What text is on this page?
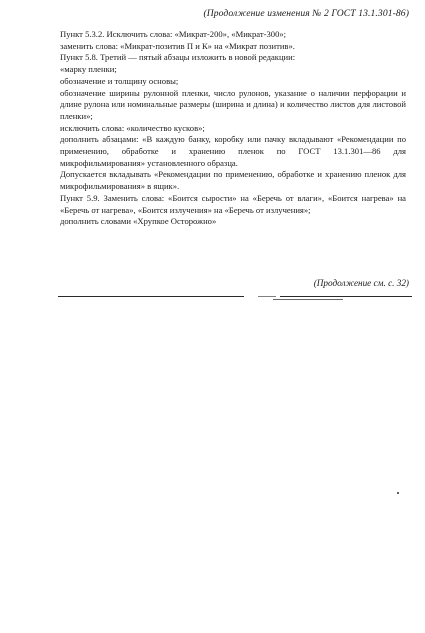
(Продолжение изменения № 2 ГОСТ 13.1.301-86)

Пункт 5.3.2. Исключить слова: «Микрат-200», «Микрат-300»;

заменить слова: «Микрат-позитив П и К» на «Микрат позитив».

Пункт 5.8. Третий — пятый абзацы изложить в новой редакции:

«марку пленки;

обозначение и толщину основы;

обозначение ширины рулонной пленки, число рулонов, указание о наличии перфорации и длине рулона или номинальные размеры (ширина и длина) и количество листов для листовой пленки»;

исключить слова: «количество кусков»;

дополнить абзацами: «В каждую банку, коробку или пачку вкладывают «Рекомендации по применению, обработке и хранению пленок по ГОСТ 13.1.301—86 для микрофильмирования» установленного образца.

Допускается вкладывать «Рекомендации по применению, обработке и хранению пленок для микрофильмирования» в ящик».

Пункт 5.9. Заменить слова: «Боится сырости» на «Беречь от влаги», «Боится нагрева» на «Беречь от нагрева», «Боится излучения» на «Беречь от излучения»;

дополнить словами «Хрупкое Осторожно»

(Продолжение см. с. 32)
